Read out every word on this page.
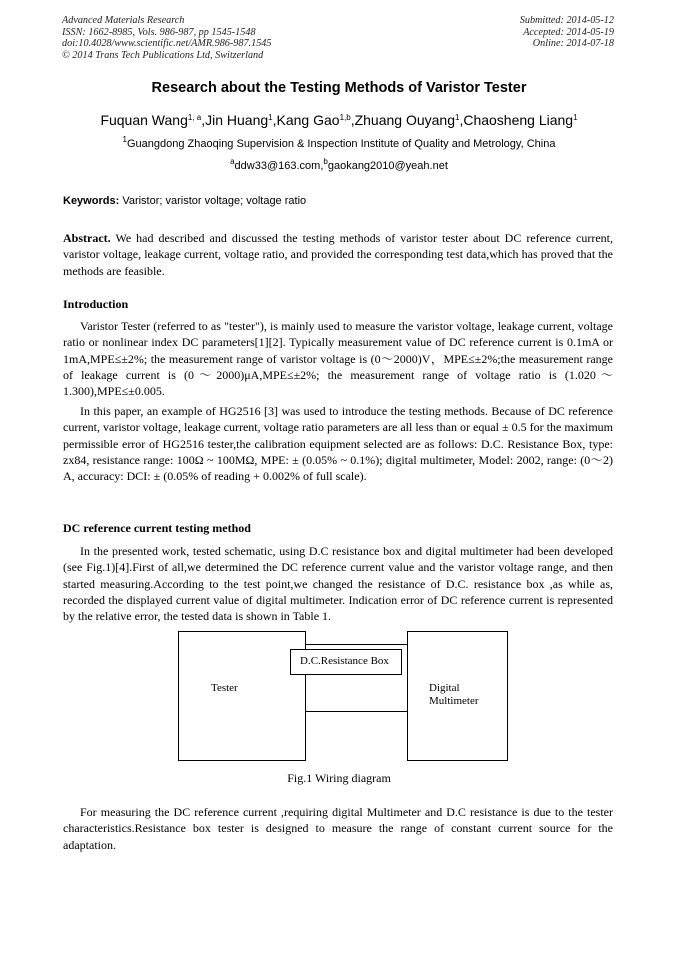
Advanced Materials Research
ISSN: 1662-8985, Vols. 986-987, pp 1545-1548
doi:10.4028/www.scientific.net/AMR.986-987.1545
© 2014 Trans Tech Publications Ltd, Switzerland
Submitted: 2014-05-12
Accepted: 2014-05-19
Online: 2014-07-18
Research about the Testing Methods of Varistor Tester
Fuquan Wang$^{1, a}$,Jin Huang$^1$,Kang Gao$^{1,b}$,Zhuang Ouyang$^1$,Chaosheng Liang$^1$
$^1$Guangdong Zhaoqing Supervision & Inspection Institute of Quality and Metrology, China
$^a$ddw33@163.com,$^b$gaokang2010@yeah.net
Keywords: Varistor; varistor voltage; voltage ratio
Abstract. We had described and discussed the testing methods of varistor tester about DC reference current, varistor voltage, leakage current, voltage ratio, and provided the corresponding test data,which has proved that the methods are feasible.
Introduction
Varistor Tester (referred to as "tester"), is mainly used to measure the varistor voltage, leakage current, voltage ratio or nonlinear index DC parameters[1][2]. Typically measurement value of DC reference current is 0.1mA or 1mA,MPE≤±2%; the measurement range of varistor voltage is (0～2000)V，MPE≤±2%;the measurement range of leakage current is (0～2000)μA,MPE≤±2%; the measurement range of voltage ratio is (1.020～1.300),MPE≤±0.005.
In this paper, an example of HG2516 [3] was used to introduce the testing methods. Because of DC reference current, varistor voltage, leakage current, voltage ratio parameters are all less than or equal ± 0.5 for the maximum permissible error of HG2516 tester,the calibration equipment selected are as follows: D.C. Resistance Box, type: zx84, resistance range: 100Ω ~ 100MΩ, MPE: ± (0.05% ~ 0.1%); digital multimeter, Model: 2002, range: (0～2) A, accuracy: DCI: ± (0.05% of reading + 0.002% of full scale).
DC reference current testing method
In the presented work, tested schematic, using D.C resistance box and digital multimeter had been developed (see Fig.1)[4].First of all,we determined the DC reference current value and the varistor voltage range, and then started measuring.According to the test point,we changed the resistance of D.C. resistance box ,as while as, recorded the displayed current value of digital multimeter. Indication error of DC reference current is represented by the relative error, the tested data is shown in Table 1.
Tester
D.C.Resistance Box
Digital
Multimeter
Fig.1 Wiring diagram
For measuring the DC reference current ,requiring digital Multimeter and D.C resistance is due to the tester characteristics.Resistance box tester is designed to measure the range of constant current source for the adaptation.
